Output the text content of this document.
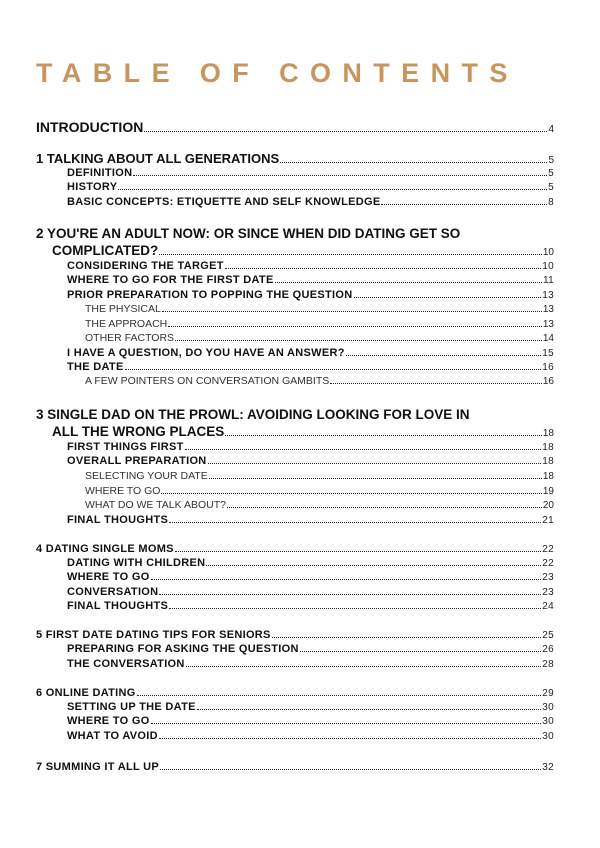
TABLE OF CONTENTS
INTRODUCTION	4
1 TALKING ABOUT ALL GENERATIONS	5
DEFINITION	5
HISTORY	5
BASIC CONCEPTS: ETIQUETTE AND SELF KNOWLEDGE	8
2 YOU'RE AN ADULT NOW: OR SINCE WHEN DID DATING GET SO
COMPLICATED?	10
CONSIDERING THE TARGET	10
WHERE TO GO FOR THE FIRST DATE	11
PRIOR PREPARATION TO POPPING THE QUESTION	13
THE PHYSICAL	13
THE APPROACH	13
OTHER FACTORS	14
I HAVE A QUESTION, DO YOU HAVE AN ANSWER?	15
THE DATE	16
A FEW POINTERS ON CONVERSATION GAMBITS	16
3 SINGLE DAD ON THE PROWL: AVOIDING LOOKING FOR LOVE IN
ALL THE WRONG PLACES	18
FIRST THINGS FIRST	18
OVERALL PREPARATION	18
SELECTING YOUR DATE	18
WHERE TO GO	19
WHAT DO WE TALK ABOUT?	20
FINAL THOUGHTS	21
4 DATING SINGLE MOMS	22
DATING WITH CHILDREN	22
WHERE TO GO	23
CONVERSATION	23
FINAL THOUGHTS	24
5 FIRST DATE DATING TIPS FOR SENIORS	25
PREPARING FOR ASKING THE QUESTION	26
THE CONVERSATION	28
6 ONLINE DATING	29
SETTING UP THE DATE	30
WHERE TO GO	30
WHAT TO AVOID	30
7 SUMMING IT ALL UP	32
